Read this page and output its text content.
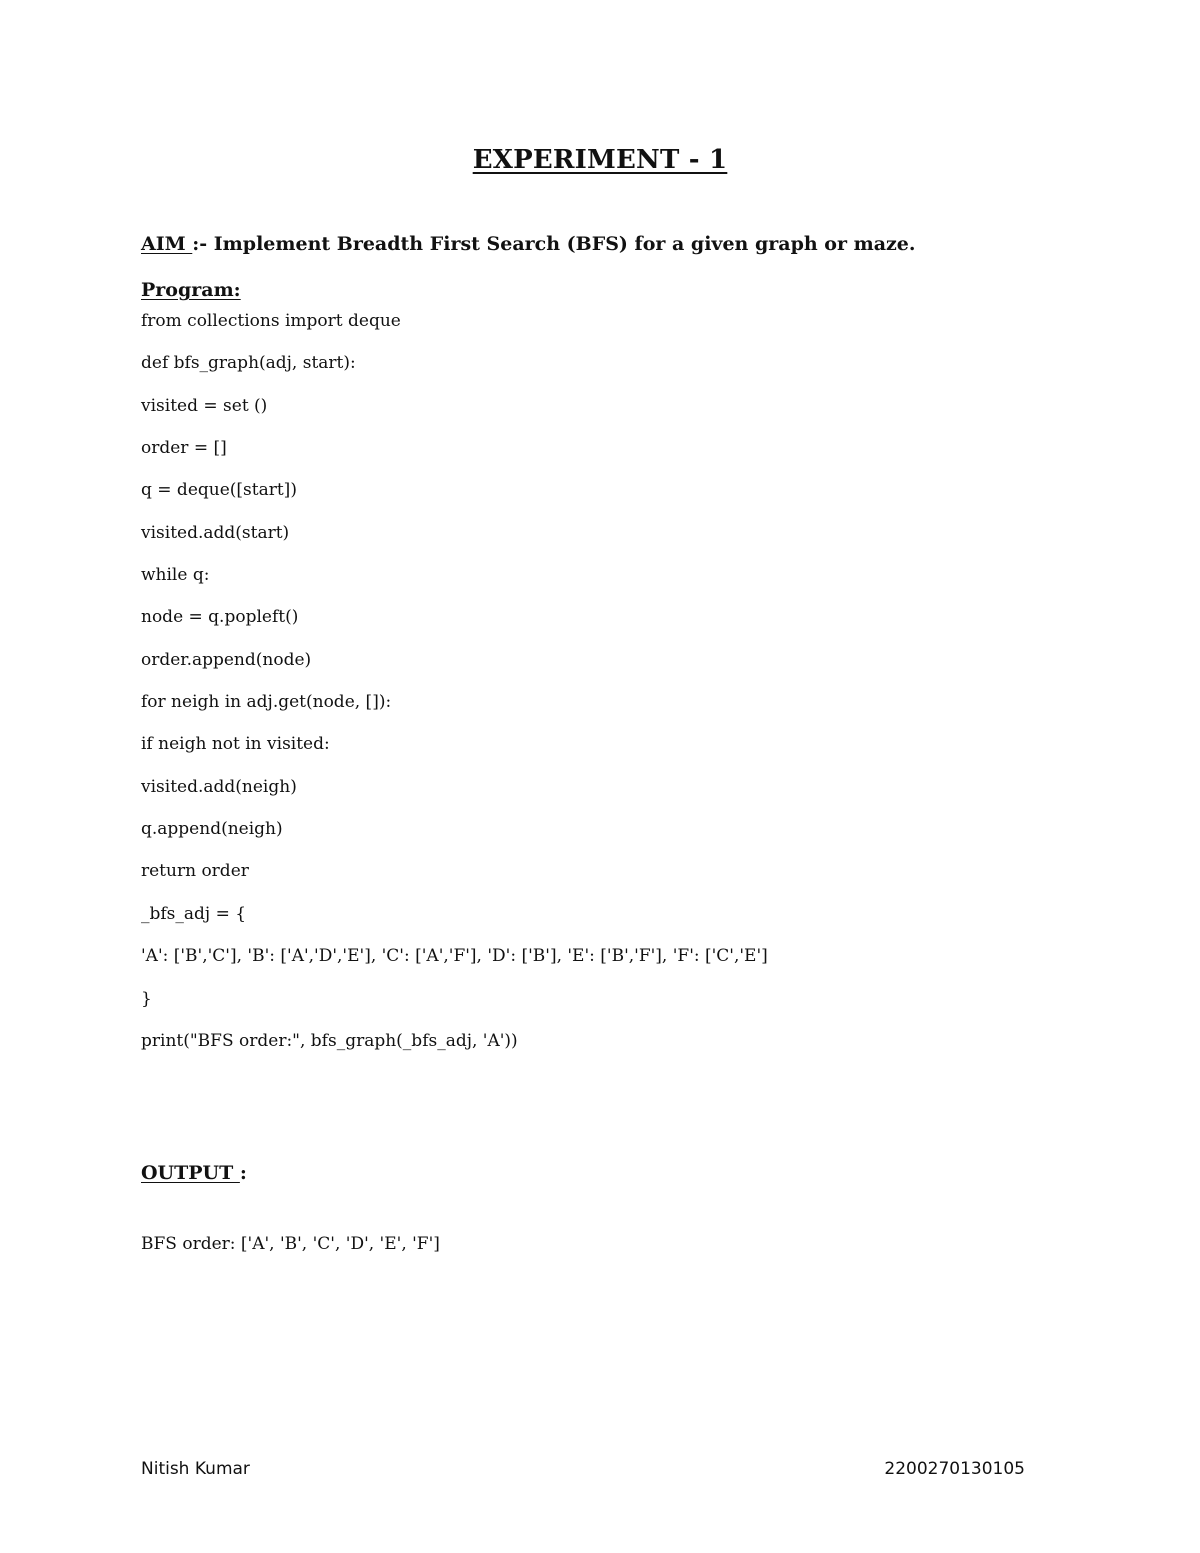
EXPERIMENT - 1
AIM :- Implement Breadth First Search (BFS) for a given graph or maze.
Program:
from collections import deque
def bfs_graph(adj, start):
visited = set ()
order = []
q = deque([start])
visited.add(start)
while q:
node = q.popleft()
order.append(node)
for neigh in adj.get(node, []):
if neigh not in visited:
visited.add(neigh)
q.append(neigh)
return order
_bfs_adj = {
'A': ['B','C'], 'B': ['A','D','E'], 'C': ['A','F'], 'D': ['B'], 'E': ['B','F'], 'F': ['C','E']
}
print("BFS order:", bfs_graph(_bfs_adj, 'A'))
OUTPUT :
BFS order: ['A', 'B', 'C', 'D', 'E', 'F']
Nitish Kumar	2200270130105
